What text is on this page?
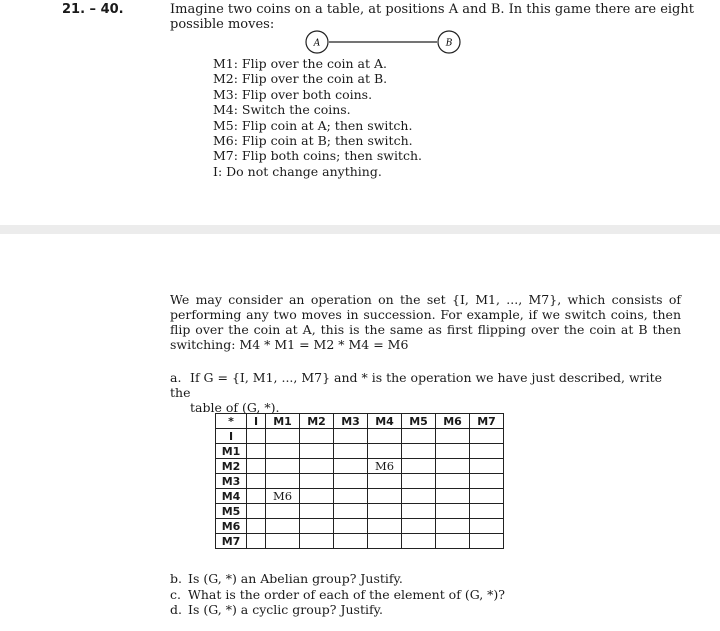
21. – 40.	Imagine two coins on a table, at positions A and B. In this game there are eight possible moves:
A	B
M1: Flip over the coin at A.
M2: Flip over the coin at B.
M3: Flip over both coins.
M4: Switch the coins.
M5: Flip coin at A; then switch.
M6: Flip coin at B; then switch.
M7: Flip both coins; then switch.
I: Do not change anything.
We may consider an operation on the set {I, M1, ..., M7}, which consists of performing any two moves in succession. For example, if we switch coins, then flip over the coin at A, this is the same as first flipping over the coin at B then switching: M4 * M1 = M2 * M4 = M6
a. If G = {I, M1, ..., M7} and * is the operation we have just described, write the
table of (G, *).
*	I	M1	M2	M3	M4	M5	M6	M7
I								
M1								
M2					M6			
M3								
M4		M6						
M5								
M6								
M7								
b. Is (G, *) an Abelian group? Justify.
c. What is the order of each of the element of (G, *)?
d. Is (G, *) a cyclic group? Justify.
